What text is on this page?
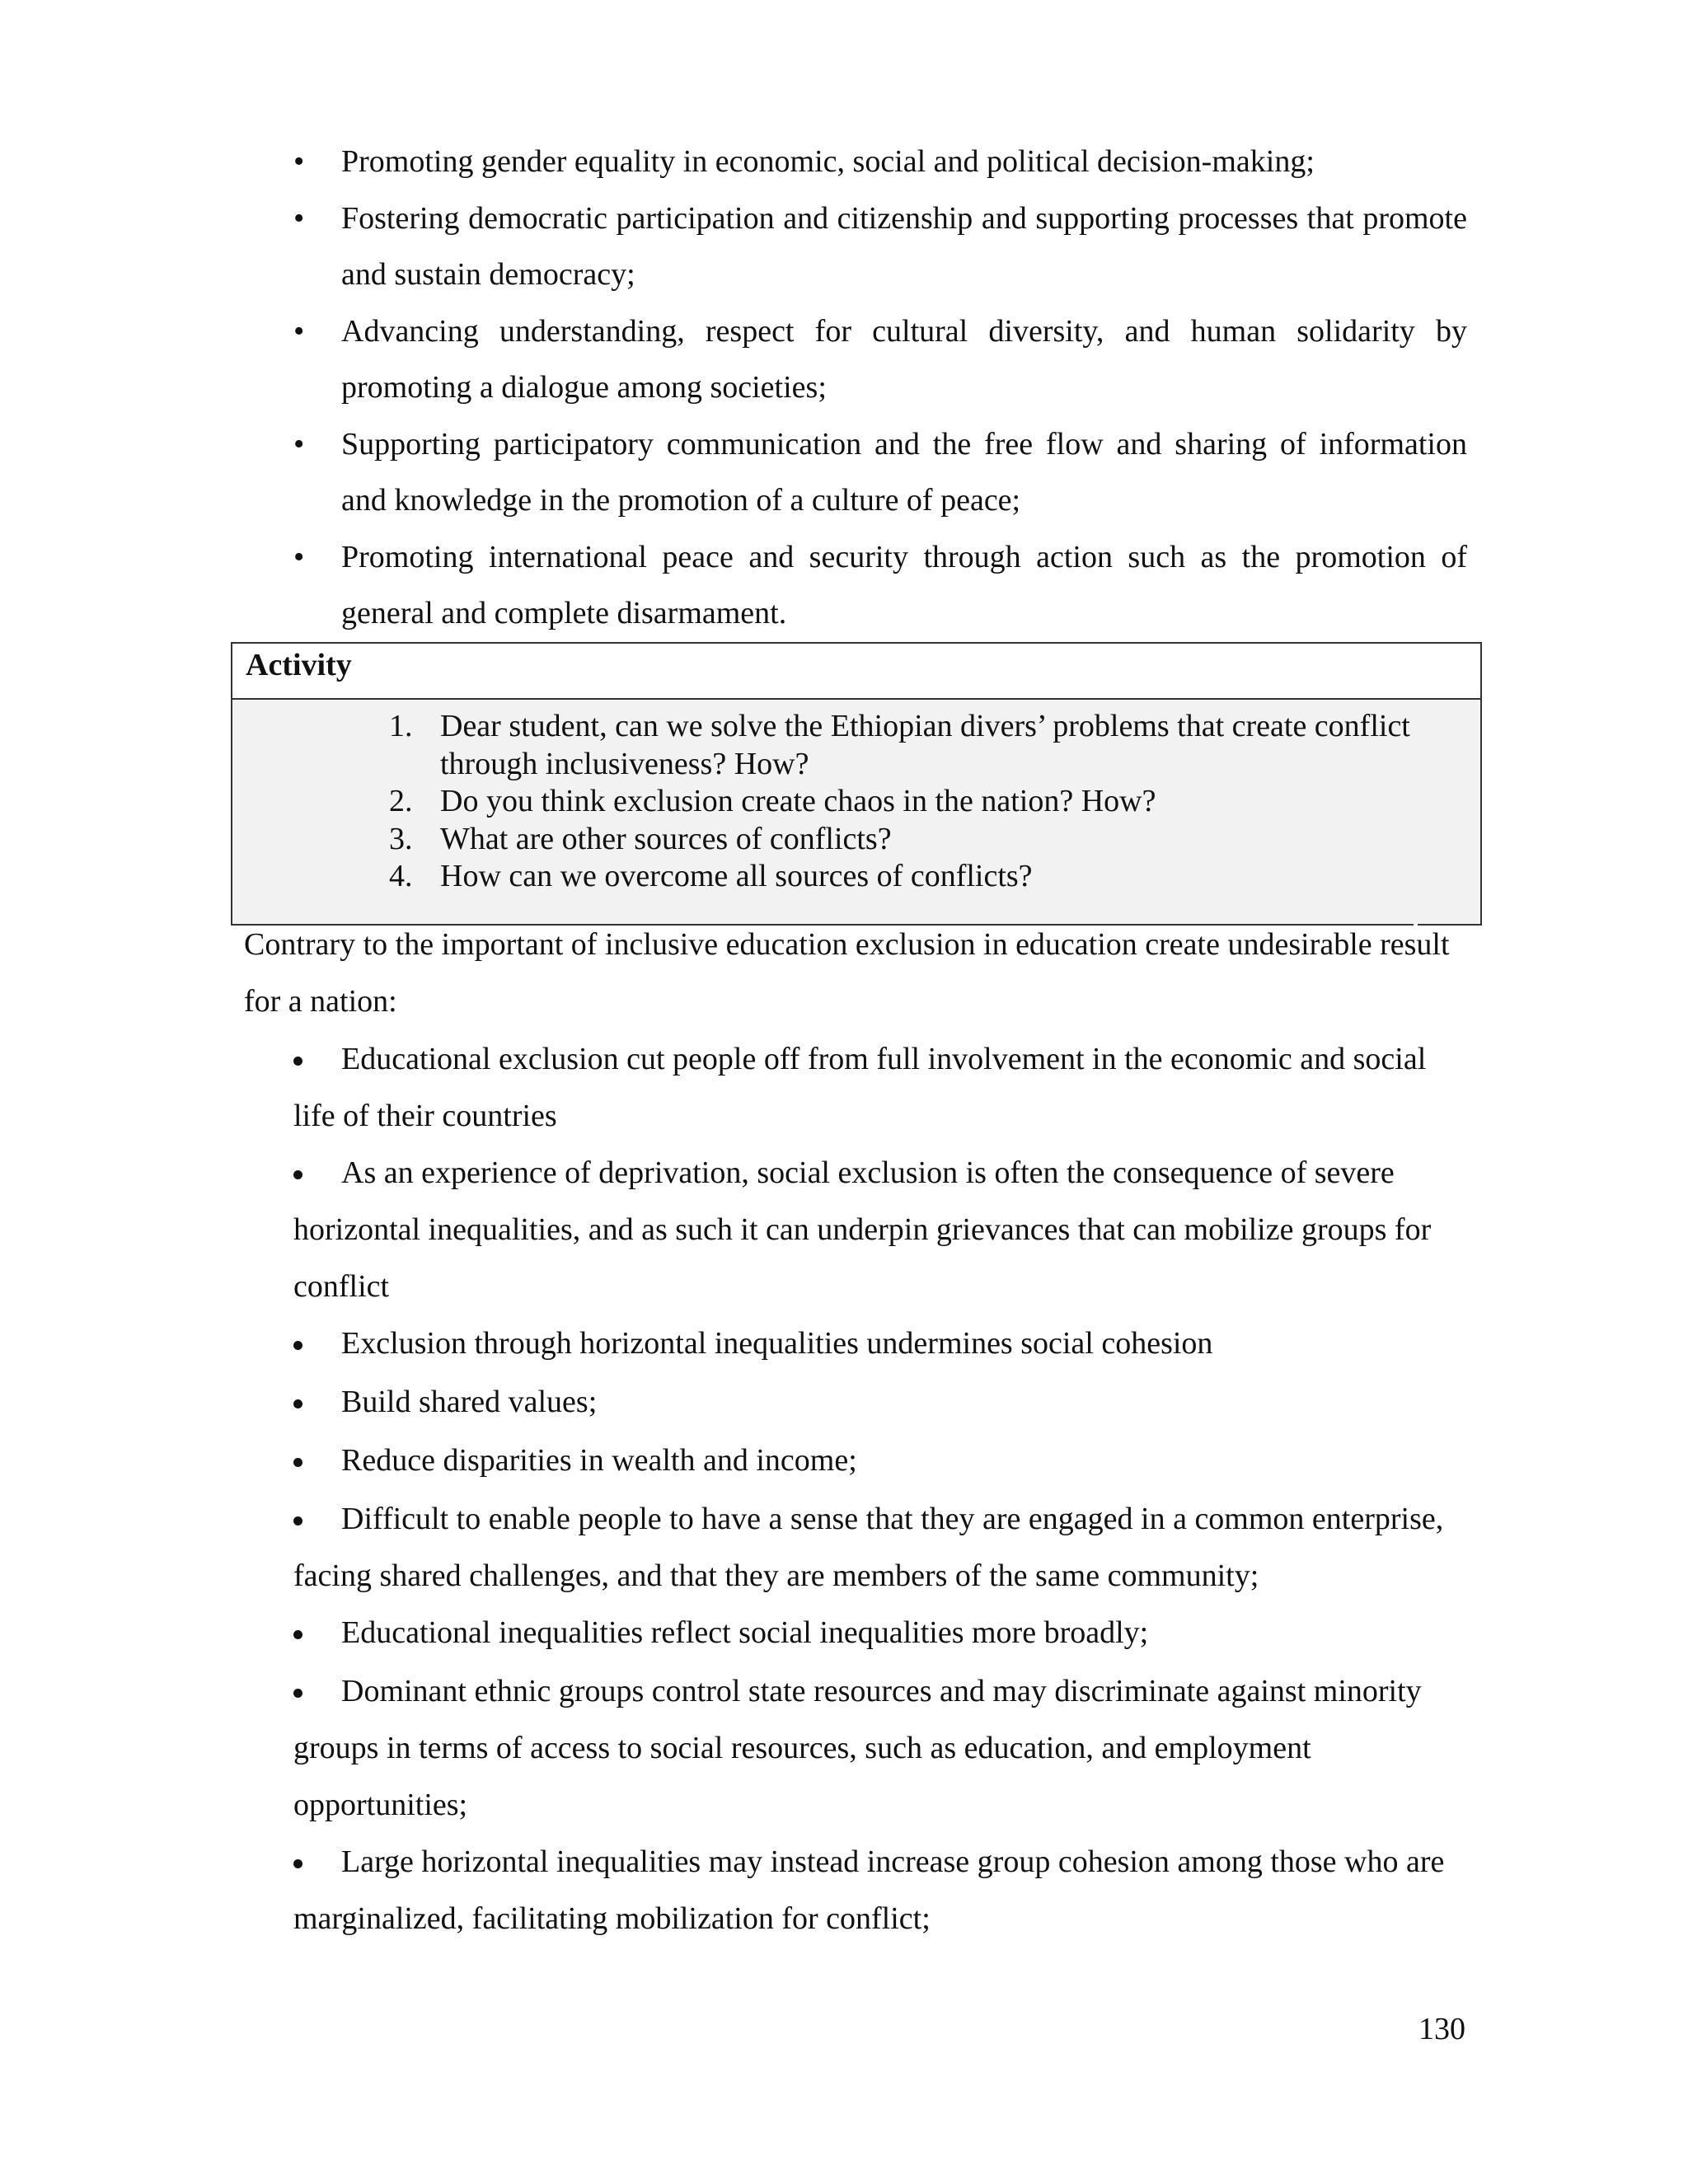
• Promoting gender equality in economic, social and political decision-making;
• Fostering democratic participation and citizenship and supporting processes that promote and sustain democracy;
• Advancing understanding, respect for cultural diversity, and human solidarity by promoting a dialogue among societies;
• Supporting participatory communication and the free flow and sharing of information and knowledge in the promotion of a culture of peace;
• Promoting international peace and security through action such as the promotion of general and complete disarmament.
Activity
1. Dear student, can we solve the Ethiopian divers’ problems that create conflict through inclusiveness? How?
2. Do you think exclusion create chaos in the nation? How?
3. What are other sources of conflicts?
4. How can we overcome all sources of conflicts?

Contrary to the important of inclusive education exclusion in education create undesirable result for a nation:

Educational exclusion cut people off from full involvement in the economic and social life of their countries
As an experience of deprivation, social exclusion is often the consequence of severe horizontal inequalities, and as such it can underpin grievances that can mobilize groups for conflict
Exclusion through horizontal inequalities undermines social cohesion
Build shared values;
Reduce disparities in wealth and income;
Difficult to enable people to have a sense that they are engaged in a common enterprise, facing shared challenges, and that they are members of the same community;
Educational inequalities reflect social inequalities more broadly;
Dominant ethnic groups control state resources and may discriminate against minority groups in terms of access to social resources, such as education, and employment opportunities;
Large horizontal inequalities may instead increase group cohesion among those who are marginalized, facilitating mobilization for conflict;
130
